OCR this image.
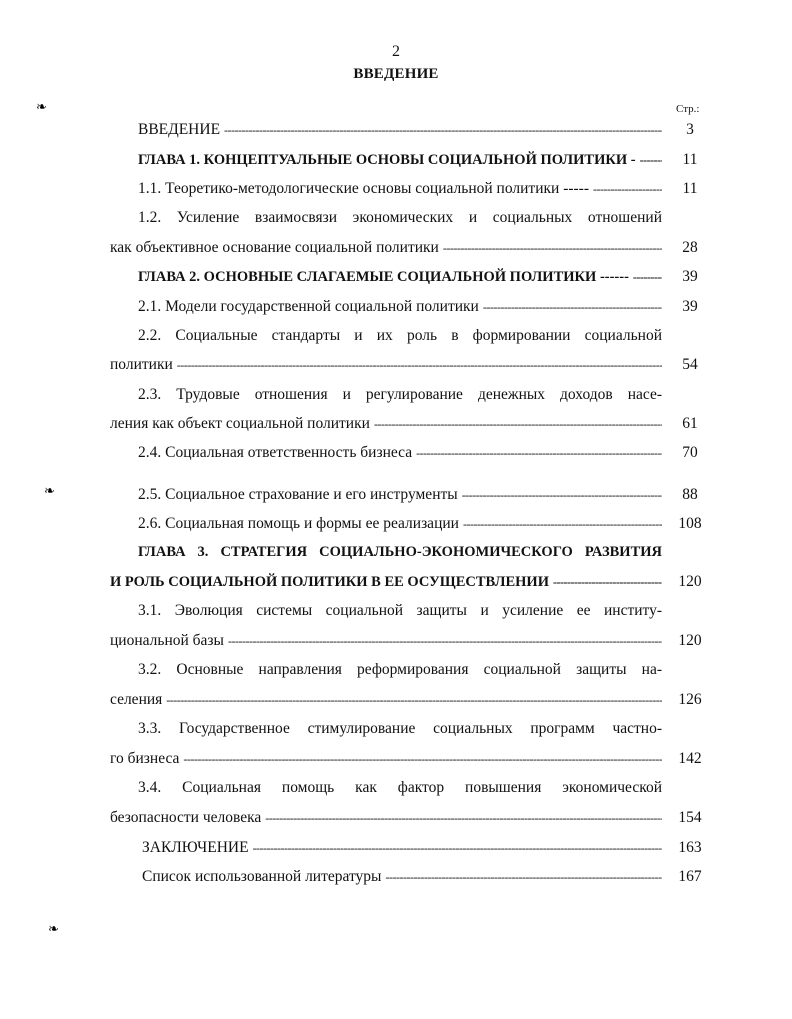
2
ВВЕДЕНИЕ
Стр.:
❧
❧
❧
ВВЕДЕНИЕ -----	3
ГЛАВА 1. КОНЦЕПТУАЛЬНЫЕ ОСНОВЫ СОЦИАЛЬНОЙ ПОЛИТИКИ - -----	11
1.1. Теоретико-методологические основы социальной политики ----- -----	11
1.2. Усиление взаимосвязи экономических и социальных отношений
как объективное основание социальной политики -----	28
ГЛАВА 2. ОСНОВНЫЕ СЛАГАЕМЫЕ СОЦИАЛЬНОЙ ПОЛИТИКИ ------ -----	39
2.1. Модели государственной социальной политики -----	39
2.2. Социальные стандарты и их роль в формировании социальной
политики -----	54
2.3. Трудовые отношения и регулирование денежных доходов насе-
ления как объект социальной политики -----	61
2.4. Социальная ответственность бизнеса -----	70
2.5. Социальное страхование и его инструменты -----	88
2.6. Социальная помощь и формы ее реализации -----	108
ГЛАВА 3. СТРАТЕГИЯ СОЦИАЛЬНО-ЭКОНОМИЧЕСКОГО РАЗВИТИЯ
И РОЛЬ СОЦИАЛЬНОЙ ПОЛИТИКИ В ЕЕ ОСУЩЕСТВЛЕНИИ -----	120
3.1. Эволюция системы социальной защиты и усиление ее институ-
циональной базы -----	120
3.2. Основные направления реформирования социальной защиты на-
селения -----	126
3.3. Государственное стимулирование социальных программ частно-
го бизнеса -----	142
3.4. Социальная помощь как фактор повышения экономической
безопасности человека -----	154
ЗАКЛЮЧЕНИЕ -----	163
Список использованной литературы -----	167
